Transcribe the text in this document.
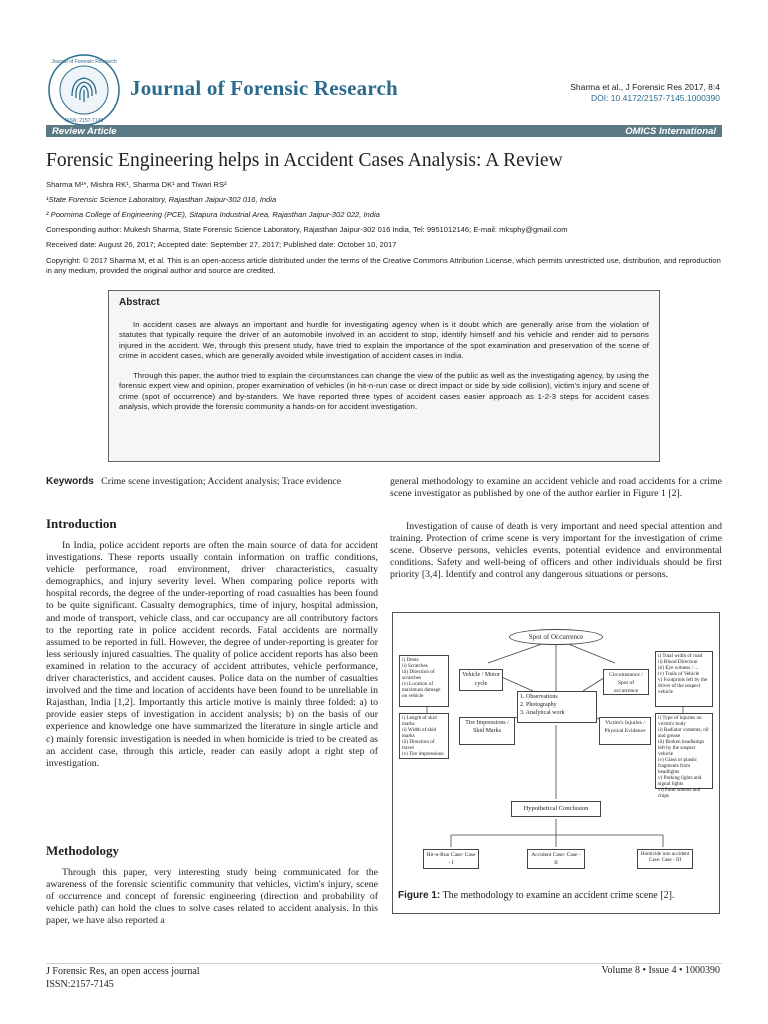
Journal of Forensic Research
ISSN: 2157-7145
Journal of Forensic Research	Sharma et al., J Forensic Res 2017, 8:4
DOI: 10.4172/2157-7145.1000390
Review Article	OMICS International
Forensic Engineering helps in Accident Cases Analysis: A Review
Sharma M¹*, Mishra RK¹, Sharma DK¹ and Tiwari RS²
¹State Forensic Science Laboratory, Rajasthan Jaipur-302 016, India
² Poornima College of Engineering (PCE), Sitapura Industrial Area, Rajasthan Jaipur-302 022, India
Corresponding author: Mukesh Sharma, State Forensic Science Laboratory, Rajasthan Jaipur-302 016 India, Tel: 9951012146; E-mail: mksphy@gmail.com
Received date: August 26, 2017; Accepted date: September 27, 2017; Published date: October 10, 2017
Copyright: © 2017 Sharma M, et al. This is an open-access article distributed under the terms of the Creative Commons Attribution License, which permits unrestricted use, distribution, and reproduction in any medium, provided the original author and source are credited.
Abstract

In accident cases are always an important and hurdle for investigating agency when is it doubt which are generally arise from the violation of statutes that typically require the driver of an automobile involved in an accident to stop, identify himself and his vehicle and render aid to persons injured in the accident. We, through this present study, have tried to explain the importance of the spot examination and preservation of the scene of crime in accident cases, which are generally avoided while investigation of accident cases in India.

Through this paper, the author tried to explain the circumstances can change the view of the public as well as the investigating agency, by using the forensic expert view and opinion, proper examination of vehicles (in hit-n-run case or direct impact or side by side collision), victim's injury and scene of crime (spot of occurrence) and by-standers. We have reported three types of accident cases easier approach as 1-2-3 steps for accident cases analysis, which provide the forensic community a hands-on for accident investigation.

Keywords Crime scene investigation; Accident analysis; Trace evidence
Introduction

In India, police accident reports are often the main source of data for accident investigations. These reports usually contain information on traffic conditions, vehicle performance, road environment, driver characteristics, casualty demographics, and injury severity level. When comparing police reports with hospital records, the degree of the under-reporting of road casualties has been found to be quite significant. Casualty demographics, time of injury, hospital admission, and mode of transport, vehicle class, and car occupancy are all contributory factors to the reporting rate in police accident records. Fatal accidents are normally assumed to be reported in full. However, the degree of under-reporting is greater for less seriously injured casualties. The quality of police accident reports has also been examined in relation to the accuracy of accident attributes, vehicle performance, driver characteristics, and accident causes. Police data on the number of casualties involved and the time and location of accidents have been found to be unreliable in Rajasthan, India [1,2]. Importantly this article motive is mainly three folded: a) to provide easier steps of investigation in accident analysis; b) on the basis of our experience and knowledge one have summarized the literature in single article and c) mainly forensic investigation is needed in when homicide is tried to be created as an accident case, through this article, reader can easily adopt a right step of investigation.

Methodology

Through this paper, very interesting study being communicated for the awareness of the forensic scientific community that vehicles, victim's injury, scene of occurrence and concept of forensic engineering (direction and probability of vehicle path) can hold the clues to solve cases related to accident analysis. In this paper, we have also reported a

general methodology to examine an accident vehicle and road accidents for a crime scene investigator as published by one of the author earlier in Figure 1 [2].

Investigation of cause of death is very important and need special attention and training. Protection of crime scene is very important for the investigation of crime scene. Observe persons, vehicles events, potential evidence and environmental conditions. Safety and well-being of officers and other individuals should be first priority [3,4]. Identify and control any dangerous situations or persons.

Spot of Occurrence
i) Dents
ii) Scratches
iii) Direction of scratches
iv) Location of maximum damage on vehicle
Vehicle / Motor cycle
i) Length of skid marks
ii) Width of skid marks
iii) Direction of travel
iv) Tire impressions
Tire Impressions / Skid Marks
1. Observations
2. Photography
3. Analytical work
Circumstance / Spot of occurrence
Victim's Injuries / Physical Evidence
i) Total width of road
ii) Blood Direction
iii) Eye witness / ...
iv) Trails of Vehicle
v) Footprints left by the driver of the suspect vehicle
i) Type of injuries on victim's body
ii) Radiator contents; oil and grease
iii) Broken headlamps left by the suspect vehicle
iv) Glass or plastic fragments from headlights
v) Parking lights and signal lights
vi) Paint smears and chips
Hypothetical Conclusion
Hit-n-Run Case: Case - I
Accident Case: Case - II
Homicide into accident Case: Case - III
Figure 1: The methodology to examine an accident crime scene [2].
J Forensic Res, an open access journal
ISSN:2157-7145
Volume 8 • Issue 4 • 1000390
